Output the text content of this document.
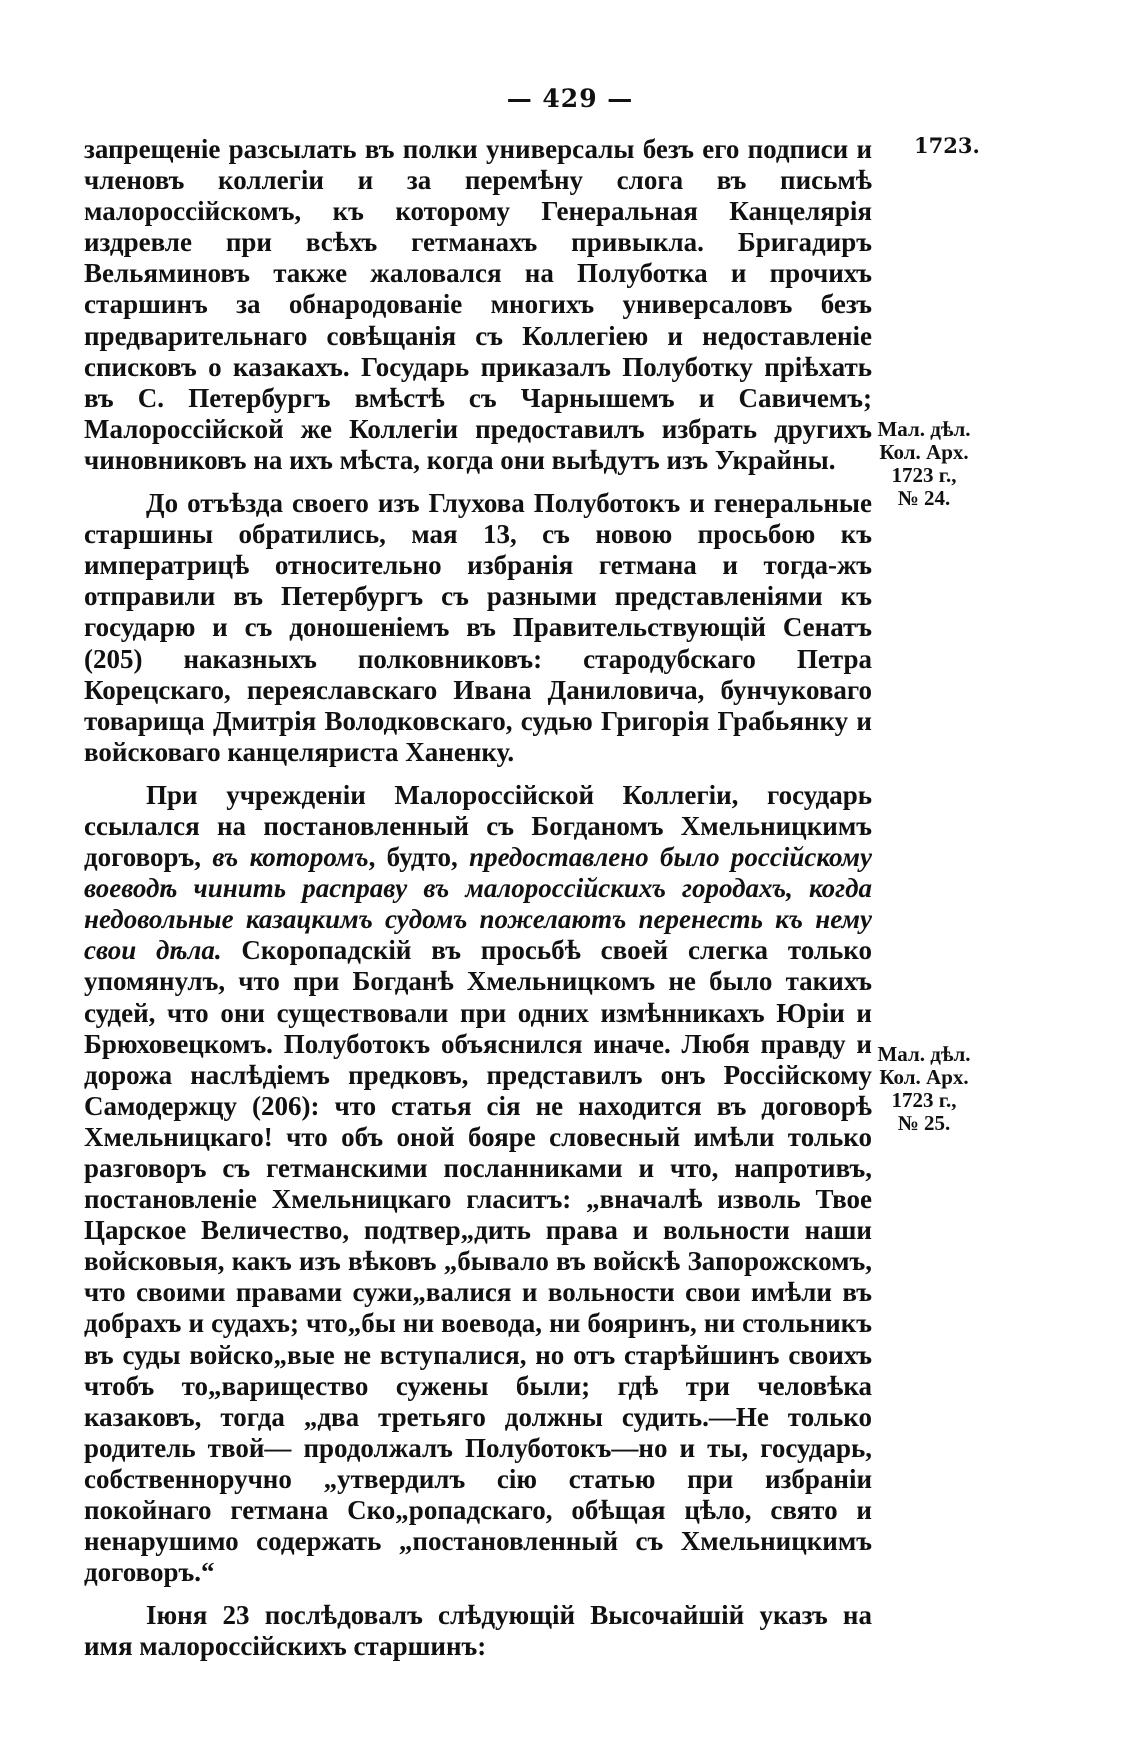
— 429 —
1723.

запрещеніе разсылать въ полки универсалы безъ его подписи и членовъ коллегіи и за перемѣну слога въ письмѣ малороссійскомъ, къ которому Генеральная Канцелярія издревле при всѣхъ гетманахъ привыкла. Бригадиръ Вельяминовъ также жаловался на Полуботка и прочихъ старшинъ за обнародованіе многихъ универсаловъ безъ предварительнаго совѣщанія съ Коллегіею и недоставленіе списковъ о казакахъ. Государь приказалъ Полуботку пріѣхать въ С. Петербургъ вмѣстѣ съ Чарнышемъ и Савичемъ; Малороссійской же Коллегіи предоставилъ избрать другихъ чиновниковъ на ихъ мѣста, когда они выѣдутъ изъ Украйны.

До отъѣзда своего изъ Глухова Полуботокъ и генеральные старшины обратились, мая 13, съ новою просьбою къ императрицѣ относительно избранія гетмана и тогда-жъ отправили въ Петербургъ съ разными представленіями къ государю и съ доношеніемъ въ Правительствующій Сенатъ (205) наказныхъ полковниковъ: стародубскаго Петра Корецскаго, переяславскаго Ивана Даниловича, бунчуковаго товарища Дмитрія Володковскаго, судью Григорія Грабьянку и войсковаго канцеляриста Ханенку.

При учрежденіи Малороссійской Коллегіи, государь ссылался на постановленный съ Богданомъ Хмельницкимъ договоръ, въ которомъ, будто, предоставлено было россійскому воеводѣ чинить расправу въ малороссійскихъ городахъ, когда недовольные казацкимъ судомъ пожелаютъ перенесть къ нему свои дѣла. Скоропадскій въ просьбѣ своей слегка только упомянулъ, что при Богданѣ Хмельницкомъ не было такихъ судей, что они существовали при одних измѣнникахъ Юріи и Брюховецкомъ. Полуботокъ объяснился иначе. Любя правду и дорожа наслѣдіемъ предковъ, представилъ онъ Россійскому Самодержцу (206): что статья сія не находится въ договорѣ Хмельницкаго! что объ оной бояре словесный имѣли только разговоръ съ гетманскими посланниками и что, напротивъ, постановленіе Хмельницкаго гласитъ: „вначалѣ изволь Твое Царское Величество, подтвер„дить права и вольности наши войсковыя, какъ изъ вѣковъ „бывало въ войскѣ Запорожскомъ, что своими правами сужи„валися и вольности свои имѣли въ добрахъ и судахъ; что„бы ни воевода, ни бояринъ, ни стольникъ въ суды войско„вые не вступалися, но отъ старѣйшинъ своихъ чтобъ то„варищество сужены были; гдѣ три человѣка казаковъ, тогда „два третьяго должны судить.—Не только родитель твой— продолжалъ Полуботокъ—но и ты, государь, собственноручно „утвердилъ сію статью при избраніи покойнаго гетмана Ско„ропадскаго, обѣщая цѣло, свято и ненарушимо содержать „постановленный съ Хмельницкимъ договоръ.“

Іюня 23 послѣдовалъ слѣдующій Высочайшій указъ на имя малороссійскихъ старшинъ:

Мал. дѣл.
Кол. Арх.
1723 г.,
№ 24.
Мал. дѣл.
Кол. Арх.
1723 г.,
№ 25.
